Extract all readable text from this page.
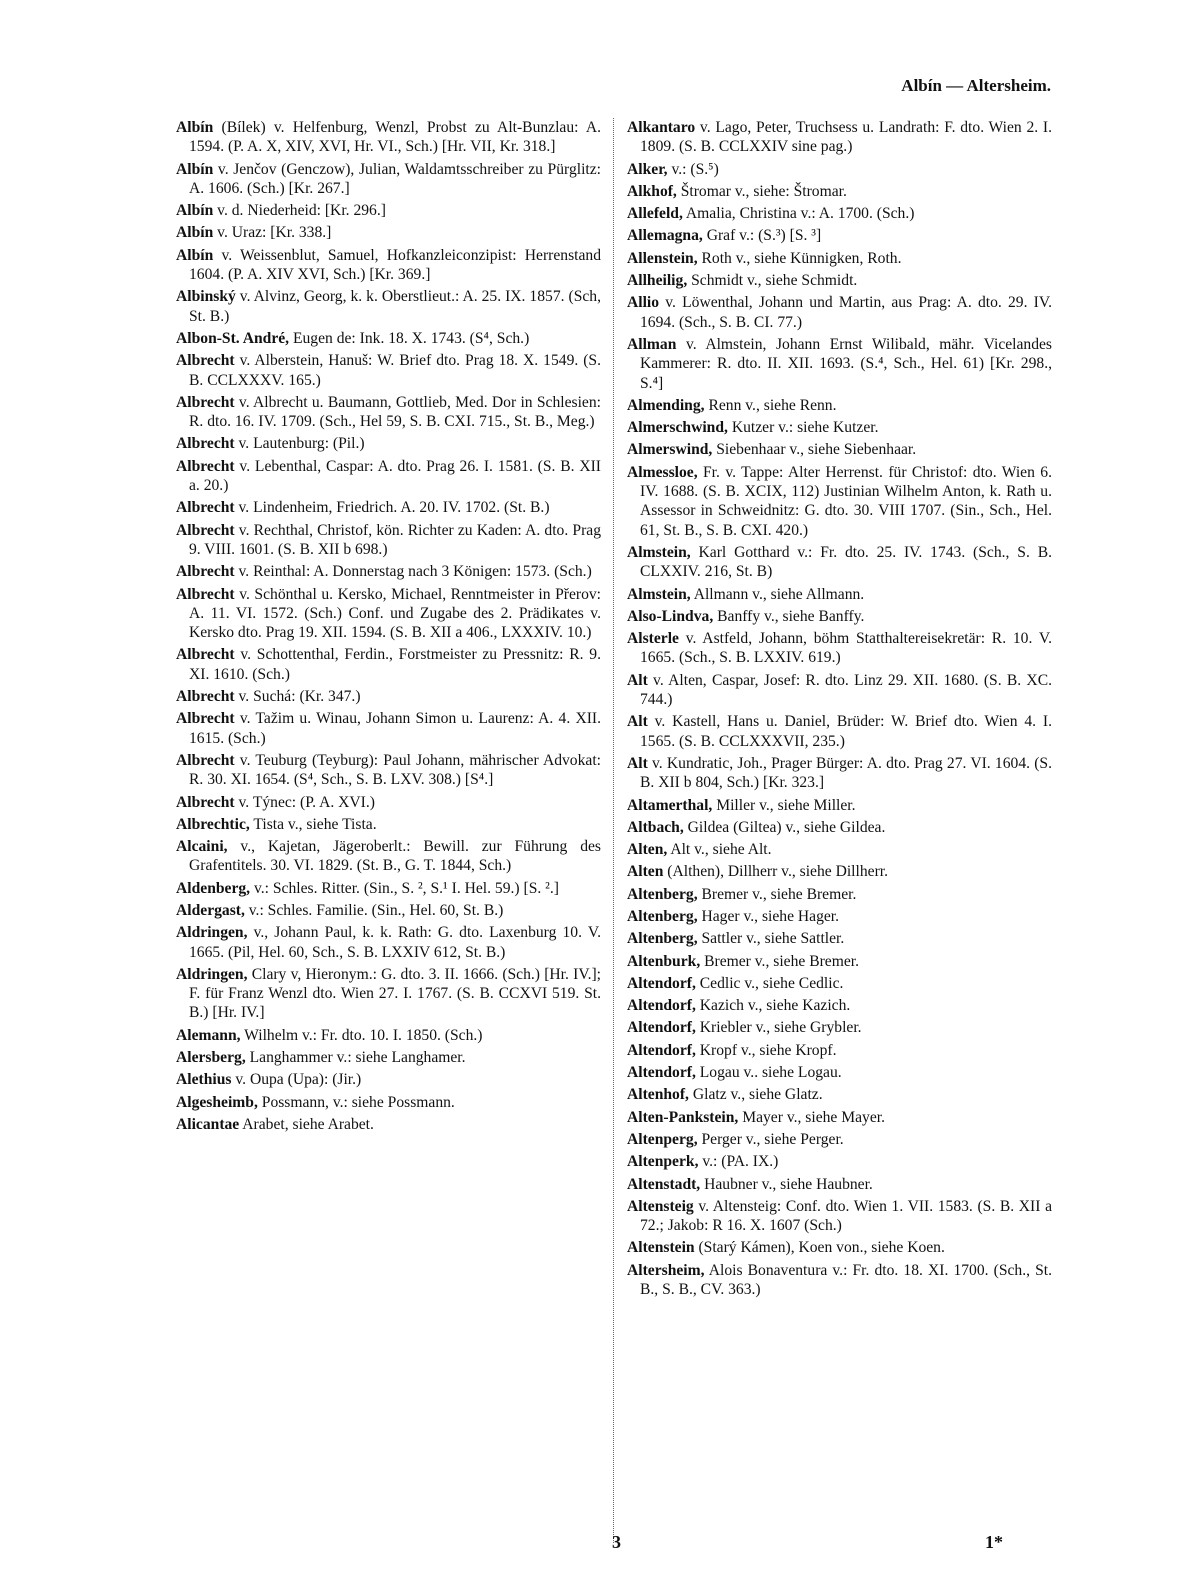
Albín — Altersheim.

Albín (Bílek) v. Helfenburg, Wenzl, Probst zu Alt-Bunzlau: A. 1594. (P. A. X, XIV, XVI, Hr. VI., Sch.) [Hr. VII, Kr. 318.]

Albín v. Jenčov (Genczow), Julian, Waldamtsschreiber zu Pürglitz: A. 1606. (Sch.) [Kr. 267.]

Albín v. d. Niederheid: [Kr. 296.]

Albín v. Uraz: [Kr. 338.]

Albín v. Weissenblut, Samuel, Hofkanzleiconzipist: Herrenstand 1604. (P. A. XIV XVI, Sch.) [Kr. 369.]

Albinský v. Alvinz, Georg, k. k. Oberstlieut.: A. 25. IX. 1857. (Sch, St. B.)

Albon-St. André, Eugen de: Ink. 18. X. 1743. (S⁴, Sch.)

Albrecht v. Alberstein, Hanuš: W. Brief dto. Prag 18. X. 1549. (S. B. CCLXXXV. 165.)

Albrecht v. Albrecht u. Baumann, Gottlieb, Med. Dor in Schlesien: R. dto. 16. IV. 1709. (Sch., Hel 59, S. B. CXI. 715., St. B., Meg.)

Albrecht v. Lautenburg: (Pil.)

Albrecht v. Lebenthal, Caspar: A. dto. Prag 26. I. 1581. (S. B. XII a. 20.)

Albrecht v. Lindenheim, Friedrich. A. 20. IV. 1702. (St. B.)

Albrecht v. Rechthal, Christof, kön. Richter zu Kaden: A. dto. Prag 9. VIII. 1601. (S. B. XII b 698.)

Albrecht v. Reinthal: A. Donnerstag nach 3 Königen: 1573. (Sch.)

Albrecht v. Schönthal u. Kersko, Michael, Renntmeister in Přerov: A. 11. VI. 1572. (Sch.) Conf. und Zugabe des 2. Prädikates v. Kersko dto. Prag 19. XII. 1594. (S. B. XII a 406., LXXXIV. 10.)

Albrecht v. Schottenthal, Ferdin., Forstmeister zu Pressnitz: R. 9. XI. 1610. (Sch.)

Albrecht v. Suchá: (Kr. 347.)

Albrecht v. Tažim u. Winau, Johann Simon u. Laurenz: A. 4. XII. 1615. (Sch.)

Albrecht v. Teuburg (Teyburg): Paul Johann, mährischer Advokat: R. 30. XI. 1654. (S⁴, Sch., S. B. LXV. 308.) [S⁴.]

Albrecht v. Týnec: (P. A. XVI.)

Albrechtic, Tista v., siehe Tista.

Alcaini, v., Kajetan, Jägeroberlt.: Bewill. zur Führung des Grafentitels. 30. VI. 1829. (St. B., G. T. 1844, Sch.)

Aldenberg, v.: Schles. Ritter. (Sin., S. ², S.¹ I. Hel. 59.) [S. ².]

Aldergast, v.: Schles. Familie. (Sin., Hel. 60, St. B.)

Aldringen, v., Johann Paul, k. k. Rath: G. dto. Laxenburg 10. V. 1665. (Pil, Hel. 60, Sch., S. B. LXXIV 612, St. B.)

Aldringen, Clary v, Hieronym.: G. dto. 3. II. 1666. (Sch.) [Hr. IV.]; F. für Franz Wenzl dto. Wien 27. I. 1767. (S. B. CCXVI 519. St. B.) [Hr. IV.]

Alemann, Wilhelm v.: Fr. dto. 10. I. 1850. (Sch.)

Alersberg, Langhammer v.: siehe Langhamer.

Alethius v. Oupa (Upa): (Jir.)

Algesheimb, Possmann, v.: siehe Possmann.

Alicantae Arabet, siehe Arabet.

Alkantaro v. Lago, Peter, Truchsess u. Landrath: F. dto. Wien 2. I. 1809. (S. B. CCLXXIV sine pag.)

Alker, v.: (S.⁵)

Alkhof, Štromar v., siehe: Štromar.

Allefeld, Amalia, Christina v.: A. 1700. (Sch.)

Allemagna, Graf v.: (S.³) [S. ³]

Allenstein, Roth v., siehe Künnigken, Roth.

Allheilig, Schmidt v., siehe Schmidt.

Allio v. Löwenthal, Johann und Martin, aus Prag: A. dto. 29. IV. 1694. (Sch., S. B. CI. 77.)

Allman v. Almstein, Johann Ernst Wilibald, mähr. Vicelandes Kammerer: R. dto. II. XII. 1693. (S.⁴, Sch., Hel. 61) [Kr. 298., S.⁴]

Almending, Renn v., siehe Renn.

Almerschwind, Kutzer v.: siehe Kutzer.

Almerswind, Siebenhaar v., siehe Siebenhaar.

Almessloe, Fr. v. Tappe: Alter Herrenst. für Christof: dto. Wien 6. IV. 1688. (S. B. XCIX, 112) Justinian Wilhelm Anton, k. Rath u. Assessor in Schweidnitz: G. dto. 30. VIII 1707. (Sin., Sch., Hel. 61, St. B., S. B. CXI. 420.)

Almstein, Karl Gotthard v.: Fr. dto. 25. IV. 1743. (Sch., S. B. CLXXIV. 216, St. B)

Almstein, Allmann v., siehe Allmann.

Also-Lindva, Banffy v., siehe Banffy.

Alsterle v. Astfeld, Johann, böhm Statthaltereisekretär: R. 10. V. 1665. (Sch., S. B. LXXIV. 619.)

Alt v. Alten, Caspar, Josef: R. dto. Linz 29. XII. 1680. (S. B. XC. 744.)

Alt v. Kastell, Hans u. Daniel, Brüder: W. Brief dto. Wien 4. I. 1565. (S. B. CCLXXXVII, 235.)

Alt v. Kundratic, Joh., Prager Bürger: A. dto. Prag 27. VI. 1604. (S. B. XII b 804, Sch.) [Kr. 323.]

Altamerthal, Miller v., siehe Miller.

Altbach, Gildea (Giltea) v., siehe Gildea.

Alten, Alt v., siehe Alt.

Alten (Althen), Dillherr v., siehe Dillherr.

Altenberg, Bremer v., siehe Bremer.

Altenberg, Hager v., siehe Hager.

Altenberg, Sattler v., siehe Sattler.

Altenburk, Bremer v., siehe Bremer.

Altendorf, Cedlic v., siehe Cedlic.

Altendorf, Kazich v., siehe Kazich.

Altendorf, Kriebler v., siehe Grybler.

Altendorf, Kropf v., siehe Kropf.

Altendorf, Logau v.. siehe Logau.

Altenhof, Glatz v., siehe Glatz.

Alten-Pankstein, Mayer v., siehe Mayer.

Altenperg, Perger v., siehe Perger.

Altenperk, v.: (PA. IX.)

Altenstadt, Haubner v., siehe Haubner.

Altensteig v. Altensteig: Conf. dto. Wien 1. VII. 1583. (S. B. XII a 72.; Jakob: R 16. X. 1607 (Sch.)

Altenstein (Starý Kámen), Koen von., siehe Koen.

Altersheim, Alois Bonaventura v.: Fr. dto. 18. XI. 1700. (Sch., St. B., S. B., CV. 363.)

3	1*
